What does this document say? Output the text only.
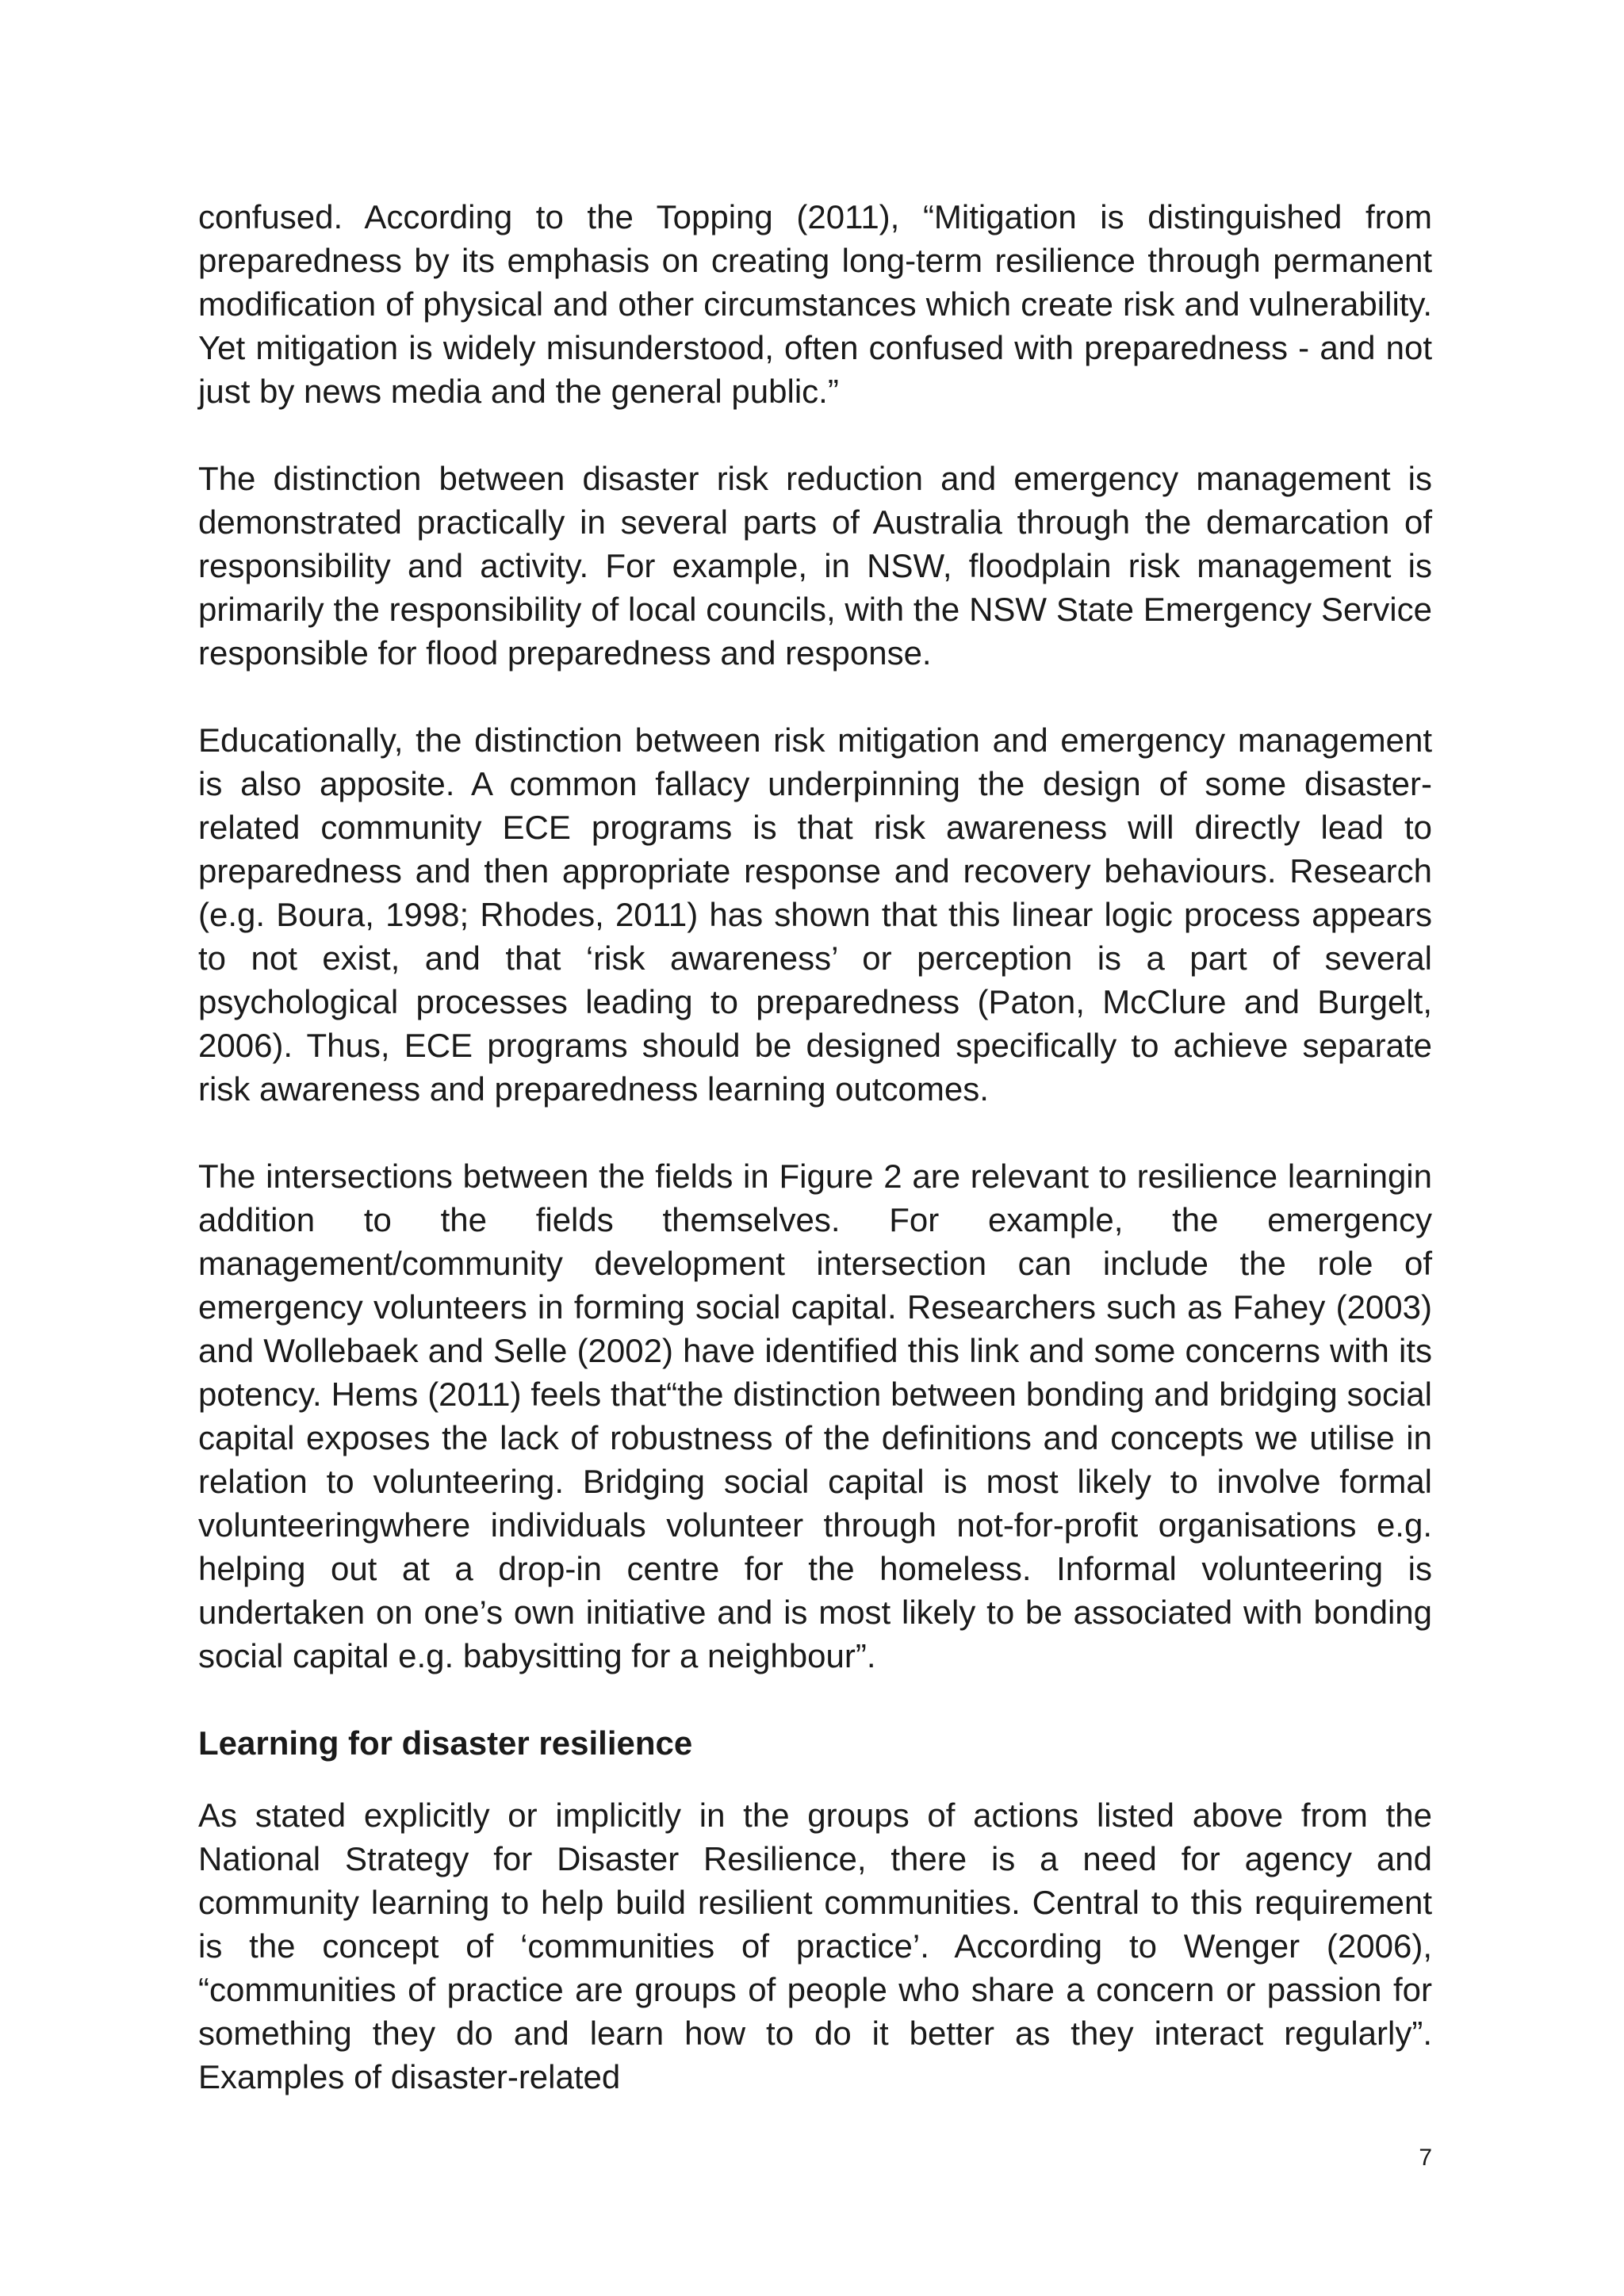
confused. According to the Topping (2011), “Mitigation is distinguished from preparedness by its emphasis on creating long-term resilience through permanent modification of physical and other circumstances which create risk and vulnerability. Yet mitigation is widely misunderstood, often confused with preparedness - and not just by news media and the general public.”

The distinction between disaster risk reduction and emergency management is demonstrated practically in several parts of Australia through the demarcation of responsibility and activity. For example, in NSW, floodplain risk management is primarily the responsibility of local councils, with the NSW State Emergency Service responsible for flood preparedness and response.

Educationally, the distinction between risk mitigation and emergency management is also apposite. A common fallacy underpinning the design of some disaster-related community ECE programs is that risk awareness will directly lead to preparedness and then appropriate response and recovery behaviours. Research (e.g. Boura, 1998; Rhodes, 2011) has shown that this linear logic process appears to not exist, and that ‘risk awareness’ or perception is a part of several psychological processes leading to preparedness (Paton, McClure and Burgelt, 2006). Thus, ECE programs should be designed specifically to achieve separate risk awareness and preparedness learning outcomes.

The intersections between the fields in Figure 2 are relevant to resilience learningin addition to the fields themselves. For example, the emergency management/community development intersection can include the role of emergency volunteers in forming social capital. Researchers such as Fahey (2003) and Wollebaek and Selle (2002) have identified this link and some concerns with its potency. Hems (2011) feels that“the distinction between bonding and bridging social capital exposes the lack of robustness of the definitions and concepts we utilise in relation to volunteering. Bridging social capital is most likely to involve formal volunteeringwhere individuals volunteer through not-for-profit organisations e.g. helping out at a drop-in centre for the homeless. Informal volunteering is undertaken on one’s own initiative and is most likely to be associated with bonding social capital e.g. babysitting for a neighbour”.

Learning for disaster resilience

As stated explicitly or implicitly in the groups of actions listed above from the National Strategy for Disaster Resilience, there is a need for agency and community learning to help build resilient communities. Central to this requirement is the concept of ‘communities of practice’. According to Wenger (2006), “communities of practice are groups of people who share a concern or passion for something they do and learn how to do it better as they interact regularly”. Examples of disaster-related

7
